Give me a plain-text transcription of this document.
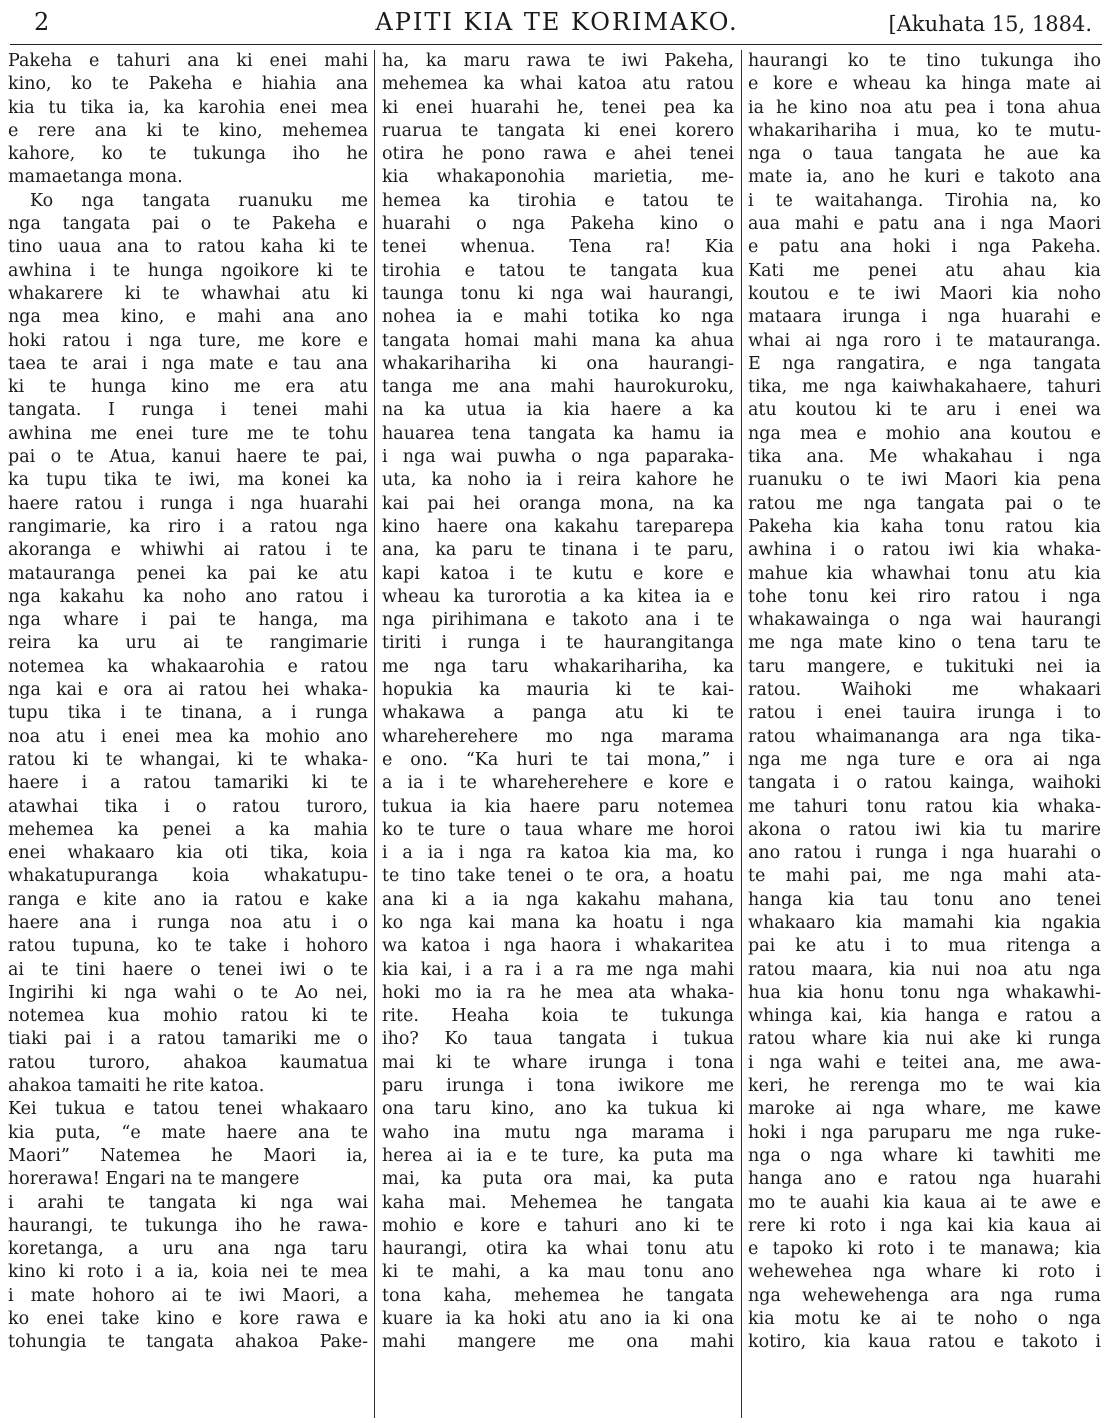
2	APITI KIA TE KORIMAKO.	[Akuhata 15, 1884.
Pakeha e tahuri ana ki enei mahi
kino, ko te Pakeha e hiahia ana
kia tu tika ia, ka karohia enei mea
e rere ana ki te kino, mehemea
kahore, ko te tukunga iho he
mamaetanga mona.
Ko nga tangata ruanuku me
nga tangata pai o te Pakeha e
tino uaua ana to ratou kaha ki te
awhina i te hunga ngoikore ki te
whakarere ki te whawhai atu ki
nga mea kino, e mahi ana ano
hoki ratou i nga ture, me kore e
taea te arai i nga mate e tau ana
ki te hunga kino me era atu
tangata. I runga i tenei mahi
awhina me enei ture me te tohu
pai o te Atua, kanui haere te pai,
ka tupu tika te iwi, ma konei ka
haere ratou i runga i nga huarahi
rangimarie, ka riro i a ratou nga
akoranga e whiwhi ai ratou i te
matauranga penei ka pai ke atu
nga kakahu ka noho ano ratou i
nga whare i pai te hanga, ma
reira ka uru ai te rangimarie
notemea ka whakaarohia e ratou
nga kai e ora ai ratou hei whaka-
tupu tika i te tinana, a i runga
noa atu i enei mea ka mohio ano
ratou ki te whangai, ki te whaka-
haere i a ratou tamariki ki te
atawhai tika i o ratou turoro,
mehemea ka penei a ka mahia
enei whakaaro kia oti tika, koia
whakatupuranga koia whakatupu-
ranga e kite ano ia ratou e kake
haere ana i runga noa atu i o
ratou tupuna, ko te take i hohoro
ai te tini haere o tenei iwi o te
Ingirihi ki nga wahi o te Ao nei,
notemea kua mohio ratou ki te
tiaki pai i a ratou tamariki me o
ratou turoro, ahakoa kaumatua
ahakoa tamaiti he rite katoa.
Kei tukua e tatou tenei whakaaro
kia puta, “e mate haere ana te
Maori” Natemea he Maori ia,
horerawa! Engari na te mangere
i arahi te tangata ki nga wai
haurangi, te tukunga iho he rawa-
koretanga, a uru ana nga taru
kino ki roto i a ia, koia nei te mea
i mate hohoro ai te iwi Maori, a
ko enei take kino e kore rawa e
tohungia te tangata ahakoa Pake-
ha, ka maru rawa te iwi Pakeha,
mehemea ka whai katoa atu ratou
ki enei huarahi he, tenei pea ka
ruarua te tangata ki enei korero
otira he pono rawa e ahei tenei
kia whakaponohia marietia, me-
hemea ka tirohia e tatou te
huarahi o nga Pakeha kino o
tenei whenua. Tena ra! Kia
tirohia e tatou te tangata kua
taunga tonu ki nga wai haurangi,
nohea ia e mahi totika ko nga
tangata homai mahi mana ka ahua
whakarihariha ki ona haurangi-
tanga me ana mahi haurokuroku,
na ka utua ia kia haere a ka
hauarea tena tangata ka hamu ia
i nga wai puwha o nga paparaka-
uta, ka noho ia i reira kahore he
kai pai hei oranga mona, na ka
kino haere ona kakahu tareparepa
ana, ka paru te tinana i te paru,
kapi katoa i te kutu e kore e
wheau ka turorotia a ka kitea ia e
nga pirihimana e takoto ana i te
tiriti i runga i te haurangitanga
me nga taru whakarihariha, ka
hopukia ka mauria ki te kai-
whakawa a panga atu ki te
whareherehere mo nga marama
e ono. “Ka huri te tai mona,” i
a ia i te whareherehere e kore e
tukua ia kia haere paru notemea
ko te ture o taua whare me horoi
i a ia i nga ra katoa kia ma, ko
te tino take tenei o te ora, a hoatu
ana ki a ia nga kakahu mahana,
ko nga kai mana ka hoatu i nga
wa katoa i nga haora i whakaritea
kia kai, i a ra i a ra me nga mahi
hoki mo ia ra he mea ata whaka-
rite. Heaha koia te tukunga
iho? Ko taua tangata i tukua
mai ki te whare irunga i tona
paru irunga i tona iwikore me
ona taru kino, ano ka tukua ki
waho ina mutu nga marama i
herea ai ia e te ture, ka puta ma
mai, ka puta ora mai, ka puta
kaha mai. Mehemea he tangata
mohio e kore e tahuri ano ki te
haurangi, otira ka whai tonu atu
ki te mahi, a ka mau tonu ano
tona kaha, mehemea he tangata
kuare ia ka hoki atu ano ia ki ona
mahi mangere me ona mahi
haurangi ko te tino tukunga iho
e kore e wheau ka hinga mate ai
ia he kino noa atu pea i tona ahua
whakarihariha i mua, ko te mutu-
nga o taua tangata he aue ka
mate ia, ano he kuri e takoto ana
i te waitahanga. Tirohia na, ko
aua mahi e patu ana i nga Maori
e patu ana hoki i nga Pakeha.
Kati me penei atu ahau kia
koutou e te iwi Maori kia noho
mataara irunga i nga huarahi e
whai ai nga roro i te matauranga.
E nga rangatira, e nga tangata
tika, me nga kaiwhakahaere, tahuri
atu koutou ki te aru i enei wa
nga mea e mohio ana koutou e
tika ana. Me whakahau i nga
ruanuku o te iwi Maori kia pena
ratou me nga tangata pai o te
Pakeha kia kaha tonu ratou kia
awhina i o ratou iwi kia whaka-
mahue kia whawhai tonu atu kia
tohe tonu kei riro ratou i nga
whakawainga o nga wai haurangi
me nga mate kino o tena taru te
taru mangere, e tukituki nei ia
ratou. Waihoki me whakaari
ratou i enei tauira irunga i to
ratou whaimananga ara nga tika-
nga me nga ture e ora ai nga
tangata i o ratou kainga, waihoki
me tahuri tonu ratou kia whaka-
akona o ratou iwi kia tu marire
ano ratou i runga i nga huarahi o
te mahi pai, me nga mahi ata-
hanga kia tau tonu ano tenei
whakaaro kia mamahi kia ngakia
pai ke atu i to mua ritenga a
ratou maara, kia nui noa atu nga
hua kia honu tonu nga whakawhi-
whinga kai, kia hanga e ratou a
ratou whare kia nui ake ki runga
i nga wahi e teitei ana, me awa-
keri, he rerenga mo te wai kia
maroke ai nga whare, me kawe
hoki i nga paruparu me nga ruke-
nga o nga whare ki tawhiti me
hanga ano e ratou nga huarahi
mo te auahi kia kaua ai te awe e
rere ki roto i nga kai kia kaua ai
e tapoko ki roto i te manawa; kia
wehewehea nga whare ki roto i
nga wehewehenga ara nga ruma
kia motu ke ai te noho o nga
kotiro, kia kaua ratou e takoto i
